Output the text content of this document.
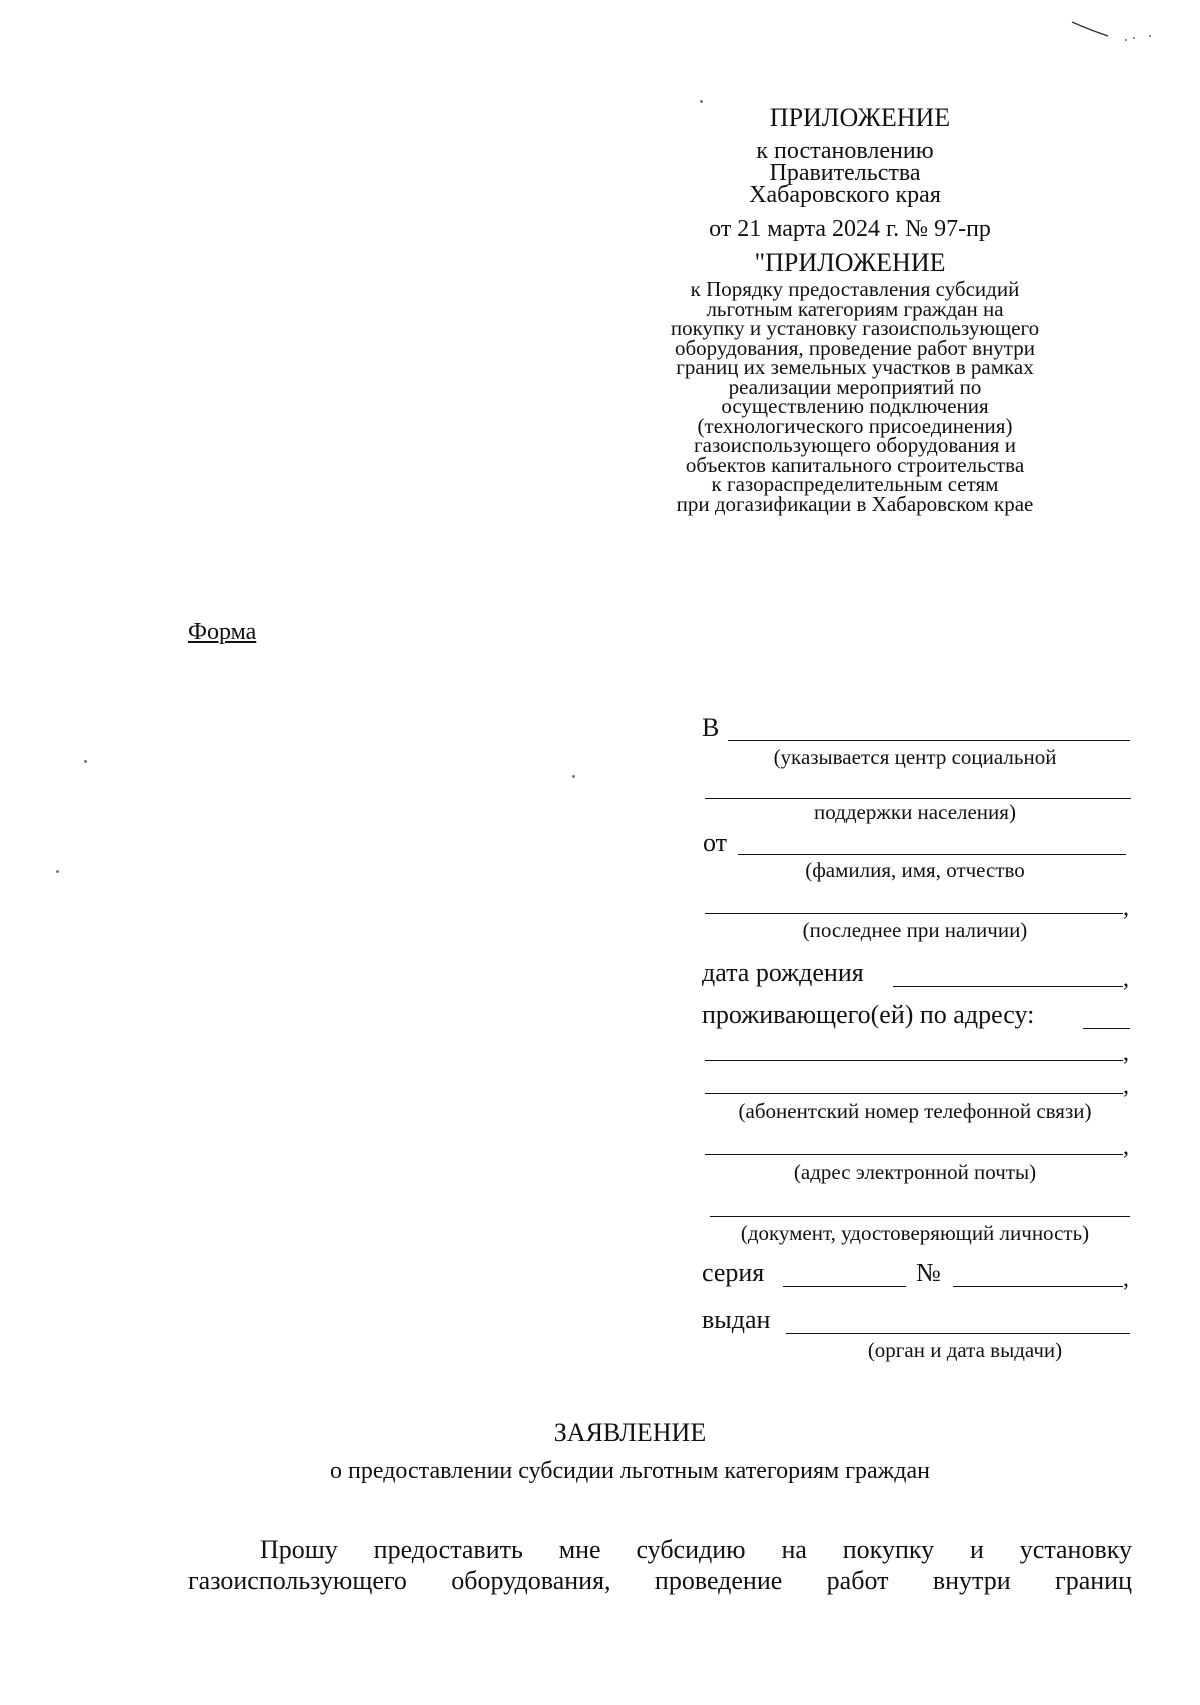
ПРИЛОЖЕНИЕ
к постановлению
Правительства
Хабаровского края
от 21 марта 2024 г. № 97-пр
"ПРИЛОЖЕНИЕ
к Порядку предоставления субсидий
льготным категориям граждан на
покупку и установку газоиспользующего
оборудования, проведение работ внутри
границ их земельных участков в рамках
реализации мероприятий по
осуществлению подключения
(технологического присоединения)
газоиспользующего оборудования и
объектов капитального строительства
к газораспределительным сетям
при догазификации в Хабаровском крае
Форма
В
(указывается центр социальной
поддержки населения)
от
(фамилия, имя, отчество
,
(последнее при наличии)
дата рождения	,
проживающего(ей) по адресу:
,
,
(абонентский номер телефонной связи)
,
(адрес электронной почты)
(документ, удостоверяющий личность)
серия	№	,
выдан
(орган и дата выдачи)
ЗАЯВЛЕНИЕ
о предоставлении субсидии льготным категориям граждан
Прошу предоставить мне субсидию на покупку и установку
газоиспользующего оборудования, проведение работ внутри границ
